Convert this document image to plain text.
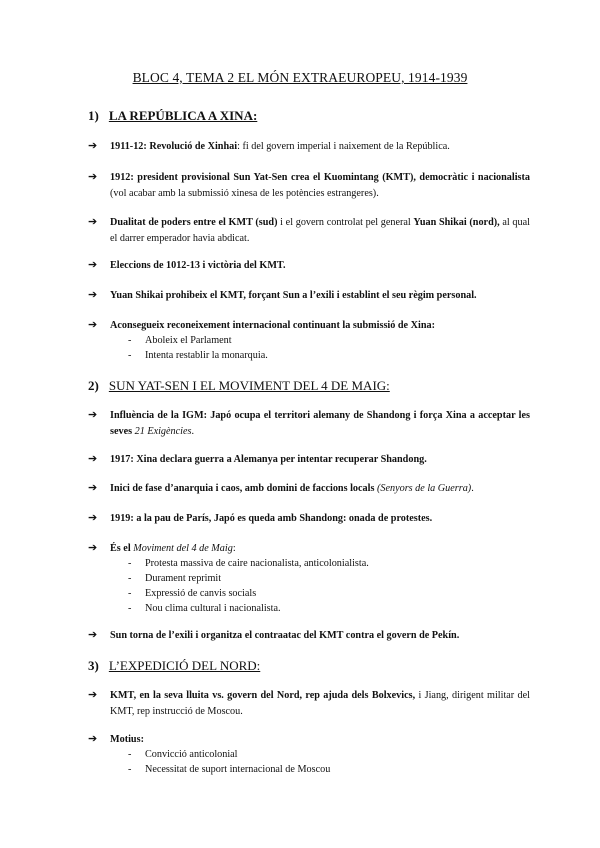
BLOC 4, TEMA 2 EL MÓN EXTRAEUROPEU, 1914-1939
1) LA REPÚBLICA A XINA:
➔	1911-12: Revolució de Xinhai: fi del govern imperial i naixement de la República.
➔	1912: president provisional Sun Yat-Sen crea el Kuomintang (KMT), democràtic i nacionalista (vol acabar amb la submissió xinesa de les potències estrangeres).
➔	Dualitat de poders entre el KMT (sud) i el govern controlat pel general Yuan Shikai (nord), al qual el darrer emperador havia abdicat.
➔	Eleccions de 1012-13 i victòria del KMT.
➔	Yuan Shikai prohibeix el KMT, forçant Sun a l’exili i establint el seu règim personal.
➔	Aconsegueix reconeixement internacional continuant la submissió de Xina:
-	Aboleix el Parlament
-	Intenta restablir la monarquia.
2) SUN YAT-SEN I EL MOVIMENT DEL 4 DE MAIG:
➔	Influència de la IGM: Japó ocupa el territori alemany de Shandong i força Xina a acceptar les seves 21 Exigències.
➔	1917: Xina declara guerra a Alemanya per intentar recuperar Shandong.
➔	Inici de fase d’anarquia i caos, amb domini de faccions locals (Senyors de la Guerra).
➔	1919: a la pau de París, Japó es queda amb Shandong: onada de protestes.
➔	És el Moviment del 4 de Maig:
-	Protesta massiva de caire nacionalista, anticolonialista.
-	Durament reprimit
-	Expressió de canvis socials
-	Nou clima cultural i nacionalista.
➔	Sun torna de l’exili i organitza el contraatac del KMT contra el govern de Pekín.
3) L’EXPEDICIÓ DEL NORD:
➔	KMT, en la seva lluita vs. govern del Nord, rep ajuda dels Bolxevics, i Jiang, dirigent militar del KMT, rep instrucció de Moscou.
➔	Motius:
-	Convicció anticolonial
-	Necessitat de suport internacional de Moscou
